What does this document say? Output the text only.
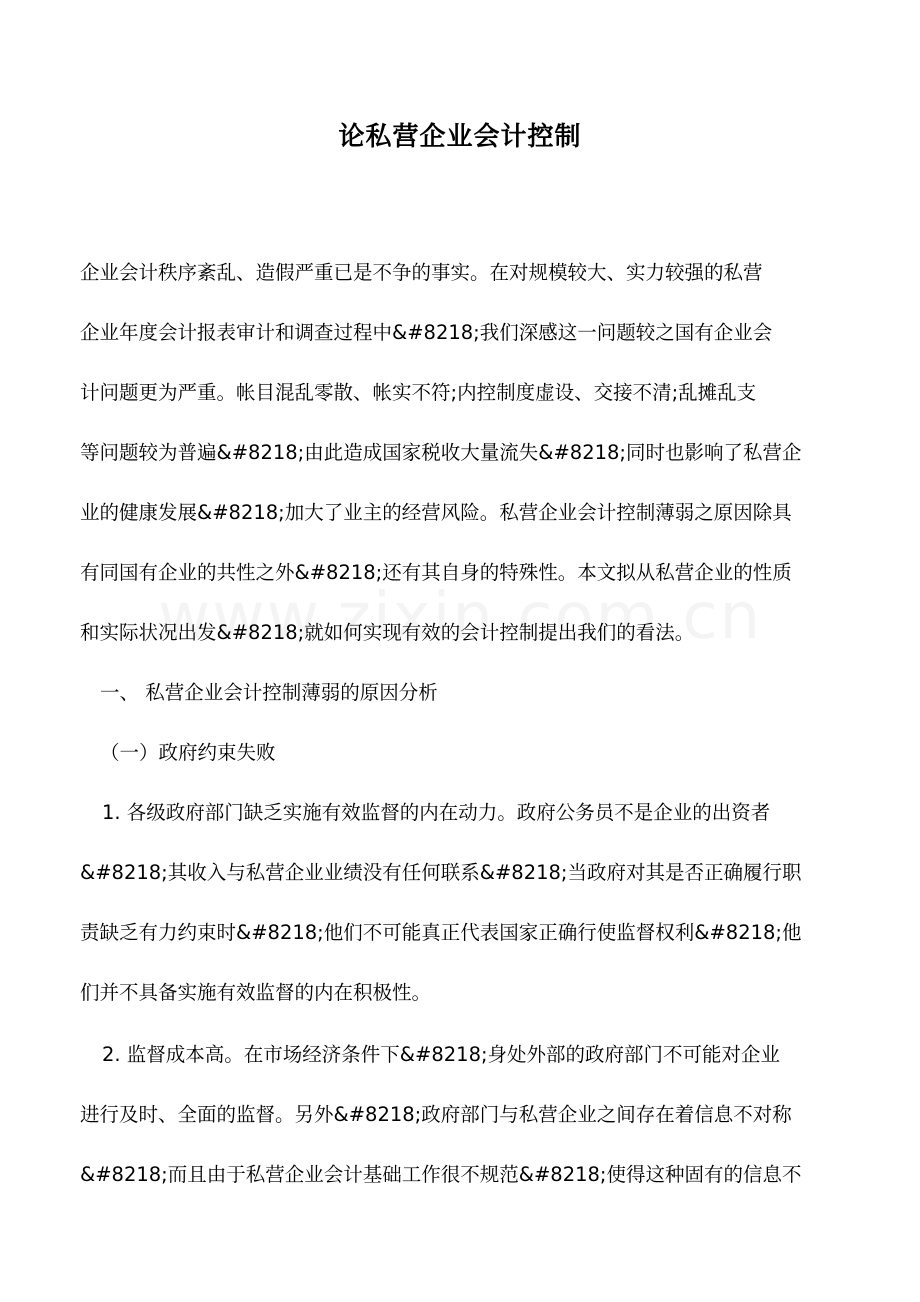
论私营企业会计控制
企业会计秩序紊乱、造假严重已是不争的事实。在对规模较大、实力较强的私营
企业年度会计报表审计和调查过程中&#8218;我们深感这一问题较之国有企业会
计问题更为严重。帐目混乱零散、帐实不符;内控制度虚设、交接不清;乱摊乱支
等问题较为普遍&#8218;由此造成国家税收大量流失&#8218;同时也影响了私营企
业的健康发展&#8218;加大了业主的经营风险。私营企业会计控制薄弱之原因除具
有同国有企业的共性之外&#8218;还有其自身的特殊性。本文拟从私营企业的性质
和实际状况出发&#8218;就如何实现有效的会计控制提出我们的看法。
一、 私营企业会计控制薄弱的原因分析
（一）政府约束失败
1. 各级政府部门缺乏实施有效监督的内在动力。政府公务员不是企业的出资者
&#8218;其收入与私营企业业绩没有任何联系&#8218;当政府对其是否正确履行职
责缺乏有力约束时&#8218;他们不可能真正代表国家正确行使监督权利&#8218;他
们并不具备实施有效监督的内在积极性。
2. 监督成本高。在市场经济条件下&#8218;身处外部的政府部门不可能对企业
进行及时、全面的监督。另外&#8218;政府部门与私营企业之间存在着信息不对称
&#8218;而且由于私营企业会计基础工作很不规范&#8218;使得这种固有的信息不
